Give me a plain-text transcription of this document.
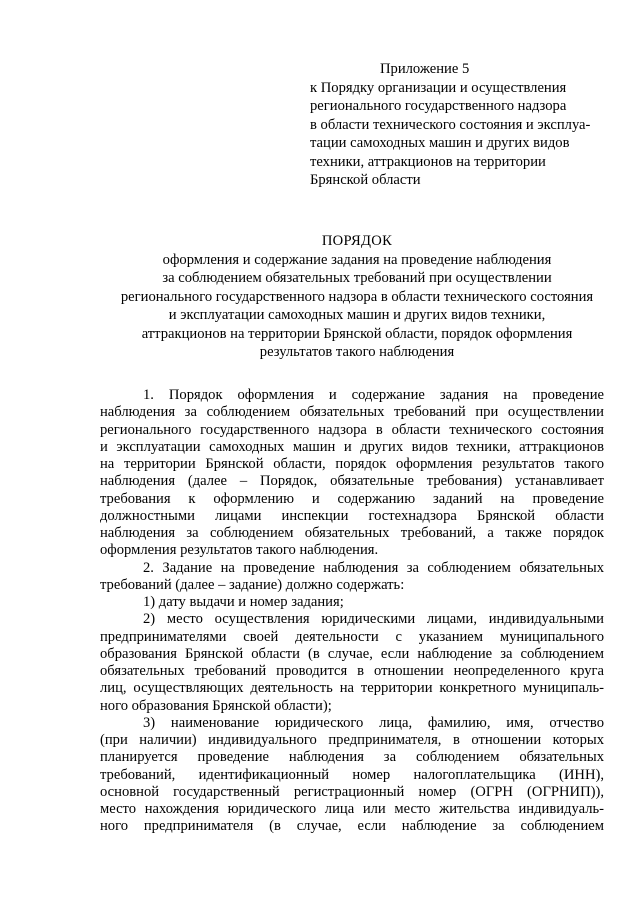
Приложение 5
к Порядку организации и осуществления
регионального государственного надзора
в области технического состояния и эксплуа-
тации самоходных машин и других видов
техники, аттракционов на территории
Брянской области
ПОРЯДОК
оформления и содержание задания на проведение наблюдения
за соблюдением обязательных требований при осуществлении
регионального государственного надзора в области технического состояния
и эксплуатации самоходных машин и других видов техники,
аттракционов на территории Брянской области, порядок оформления
результатов такого наблюдения
1. Порядок оформления и содержание задания на проведение
наблюдения за соблюдением обязательных требований при осуществлении
регионального государственного надзора в области технического состояния
и эксплуатации самоходных машин и других видов техники, аттракционов
на территории Брянской области, порядок оформления результатов такого
наблюдения (далее – Порядок, обязательные требования) устанавливает
требования к оформлению и содержанию заданий на проведение
должностными лицами инспекции гостехнадзора Брянской области
наблюдения за соблюдением обязательных требований, а также порядок
оформления результатов такого наблюдения.
2. Задание на проведение наблюдения за соблюдением обязательных
требований (далее – задание) должно содержать:
1) дату выдачи и номер задания;
2) место осуществления юридическими лицами, индивидуальными
предпринимателями своей деятельности с указанием муниципального
образования Брянской области (в случае, если наблюдение за соблюдением
обязательных требований проводится в отношении неопределенного круга
лиц, осуществляющих деятельность на территории конкретного муниципаль-
ного образования Брянской области);
3) наименование юридического лица, фамилию, имя, отчество
(при наличии) индивидуального предпринимателя, в отношении которых
планируется проведение наблюдения за соблюдением обязательных
требований, идентификационный номер налогоплательщика (ИНН),
основной государственный регистрационный номер (ОГРН (ОГРНИП)),
место нахождения юридического лица или место жительства индивидуаль-
ного предпринимателя (в случае, если наблюдение за соблюдением
